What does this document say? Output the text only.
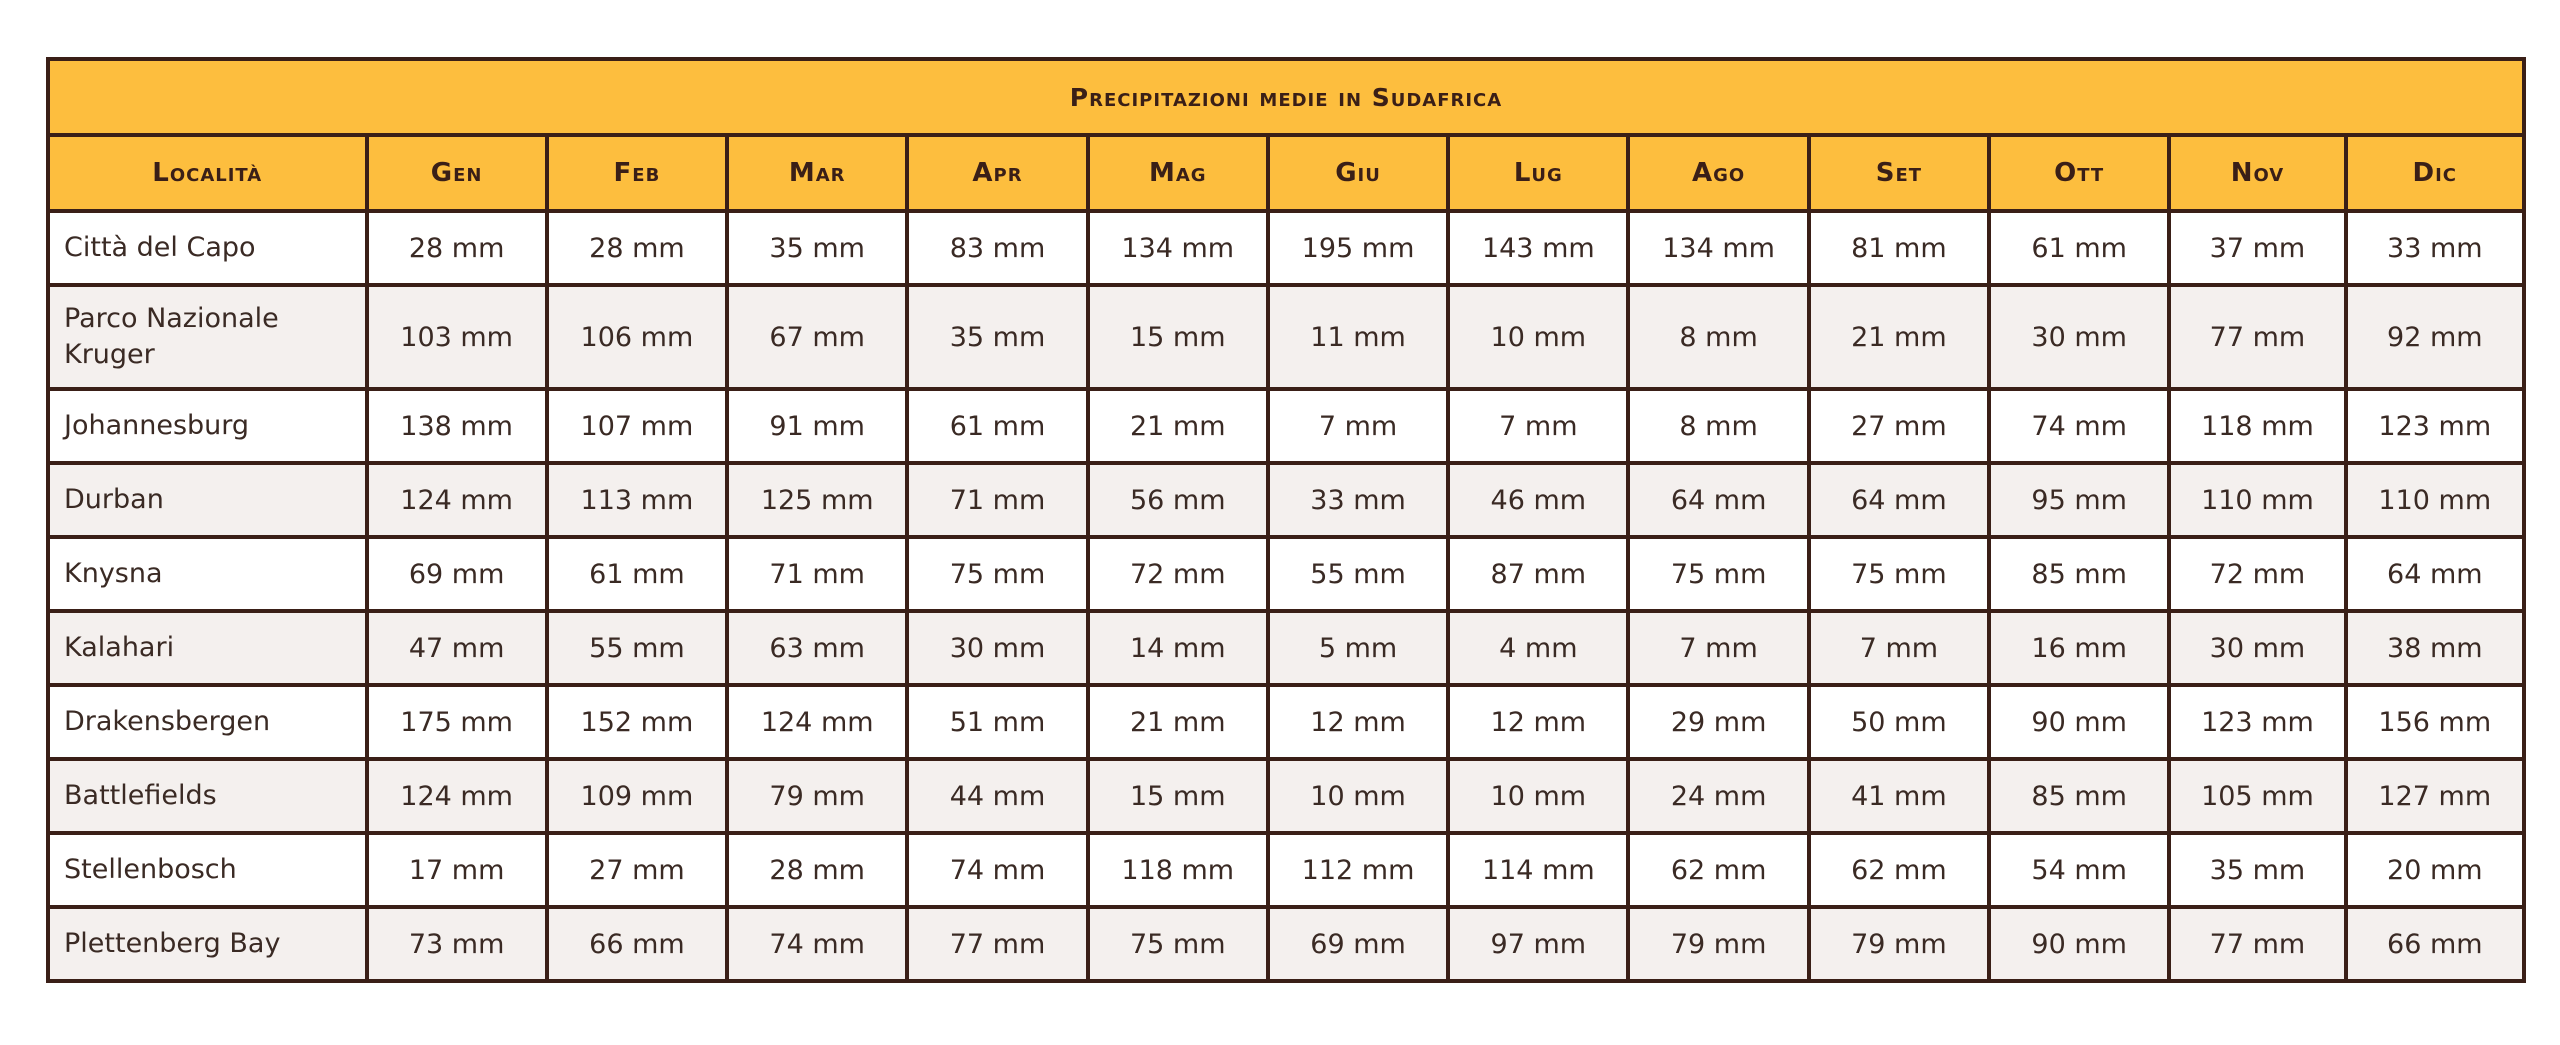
Precipitazioni medie in Sudafrica												
Località	Gen	Feb	Mar	Apr	Mag	Giu	Lug	Ago	Set	Ott	Nov	Dic
Città del Capo	28 mm	28 mm	35 mm	83 mm	134 mm	195 mm	143 mm	134 mm	81 mm	61 mm	37 mm	33 mm
Parco Nazionale Kruger	103 mm	106 mm	67 mm	35 mm	15 mm	11 mm	10 mm	8 mm	21 mm	30 mm	77 mm	92 mm
Johannesburg	138 mm	107 mm	91 mm	61 mm	21 mm	7 mm	7 mm	8 mm	27 mm	74 mm	118 mm	123 mm
Durban	124 mm	113 mm	125 mm	71 mm	56 mm	33 mm	46 mm	64 mm	64 mm	95 mm	110 mm	110 mm
Knysna	69 mm	61 mm	71 mm	75 mm	72 mm	55 mm	87 mm	75 mm	75 mm	85 mm	72 mm	64 mm
Kalahari	47 mm	55 mm	63 mm	30 mm	14 mm	5 mm	4 mm	7 mm	7 mm	16 mm	30 mm	38 mm
Drakensbergen	175 mm	152 mm	124 mm	51 mm	21 mm	12 mm	12 mm	29 mm	50 mm	90 mm	123 mm	156 mm
Battlefields	124 mm	109 mm	79 mm	44 mm	15 mm	10 mm	10 mm	24 mm	41 mm	85 mm	105 mm	127 mm
Stellenbosch	17 mm	27 mm	28 mm	74 mm	118 mm	112 mm	114 mm	62 mm	62 mm	54 mm	35 mm	20 mm
Plettenberg Bay	73 mm	66 mm	74 mm	77 mm	75 mm	69 mm	97 mm	79 mm	79 mm	90 mm	77 mm	66 mm
